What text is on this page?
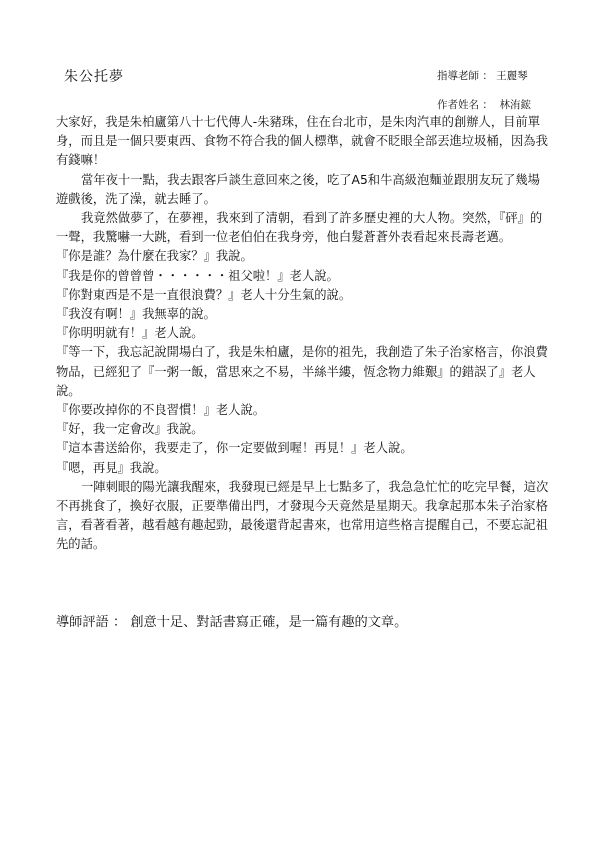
朱公托夢	指導老師 ： 王麗琴
作者姓名 ：  林洧鋐

大家好，我是朱柏廬第八十七代傳人-朱豬珠，住在台北市，是朱肉汽車的創辦人，目前單身，而且是一個只要東西、食物不符合我的個人標準，就會不眨眼全部丟進垃圾桶，因為我有錢嘛！

當年夜十一點，我去跟客戶談生意回來之後，吃了A5和牛高級泡麵並跟朋友玩了幾場遊戲後，洗了澡，就去睡了。

我竟然做夢了，在夢裡，我來到了清朝，看到了許多歷史裡的大人物。突然，『砰』的一聲，我驚嚇一大跳，看到一位老伯伯在我身旁，他白髮蒼蒼外表看起來長壽老邁。

『你是誰？為什麼在我家？』我說。

『我是你的曾曾曾・・・・・・祖父啦！』老人說。

『你對東西是不是一直很浪費？』老人十分生氣的說。

『我沒有啊！』我無辜的說。

『你明明就有！』老人說。

『等一下，我忘記說開場白了，我是朱柏廬，是你的祖先，我創造了朱子治家格言，你浪費物品，已經犯了『一粥一飯，當思來之不易，半絲半縷，恆念物力維艱』的錯誤了』老人說。

『你要改掉你的不良習慣！』老人說。

『好，我一定會改』我說。

『這本書送給你，我要走了，你一定要做到喔！再見！』老人說。

『嗯，再見』我說。

一陣刺眼的陽光讓我醒來，我發現已經是早上七點多了，我急急忙忙的吃完早餐，這次不再挑食了，換好衣服，正要準備出門，才發現今天竟然是星期天。我拿起那本朱子治家格言，看著看著，越看越有趣起勁，最後還背起書來，也常用這些格言提醒自己，不要忘記祖先的話。

導師評語 ： 創意十足、對話書寫正確，是一篇有趣的文章。
